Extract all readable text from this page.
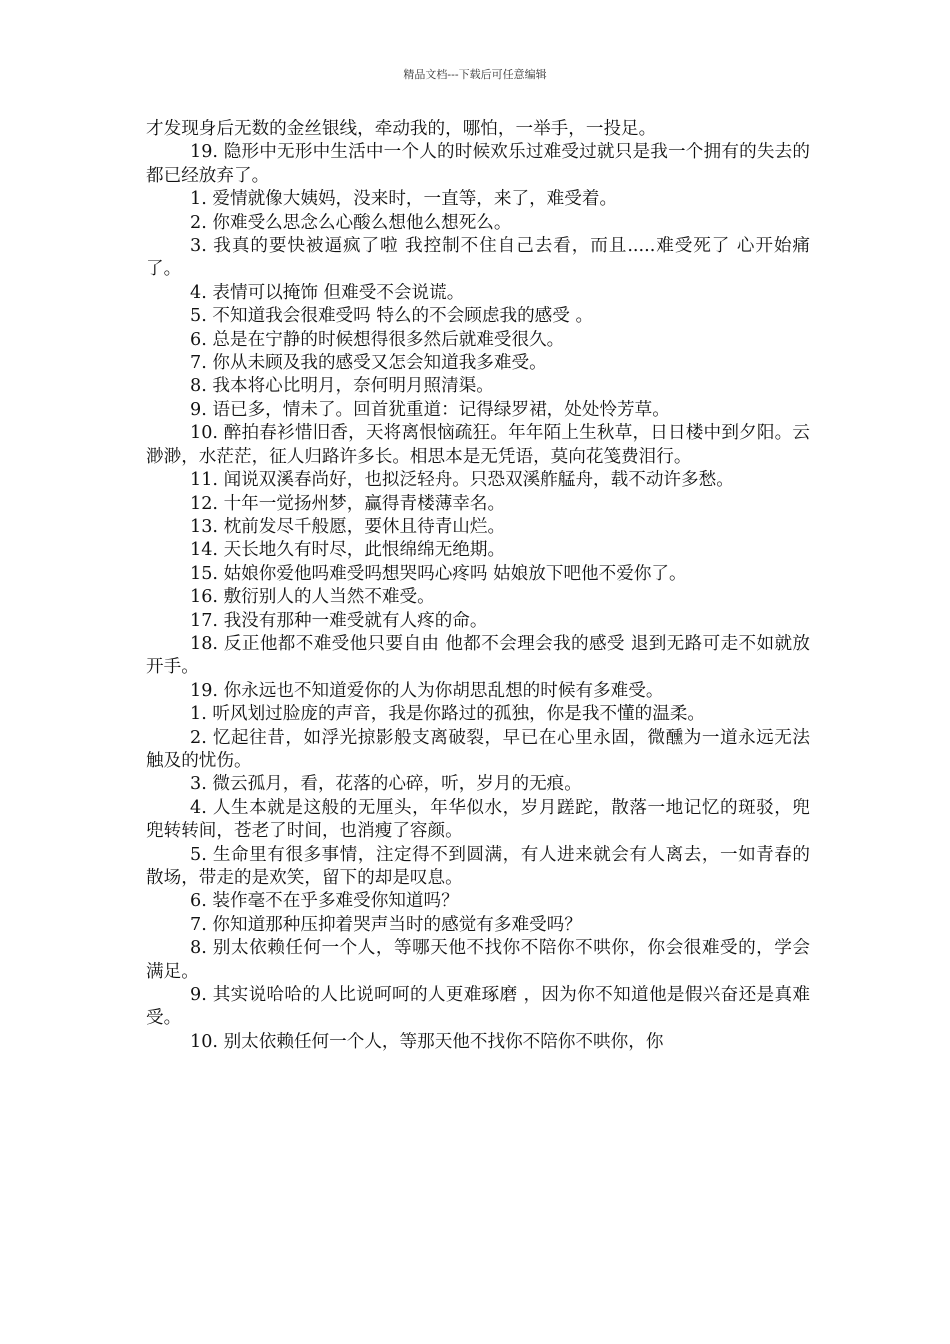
精品文档---下载后可任意编辑

才发现身后无数的金丝银线，牵动我的，哪怕，一举手，一投足。

19. 隐形中无形中生活中一个人的时候欢乐过难受过就只是我一个拥有的失去的都已经放弃了。

1. 爱情就像大姨妈，没来时，一直等，来了，难受着。

2. 你难受么思念么心酸么想他么想死么。

3. 我真的要快被逼疯了啦 我控制不住自己去看，而且.....难受死了 心开始痛了。

4. 表情可以掩饰 但难受不会说谎。

5. 不知道我会很难受吗 特么的不会顾虑我的感受 。

6. 总是在宁静的时候想得很多然后就难受很久。

7. 你从未顾及我的感受又怎会知道我多难受。

8. 我本将心比明月，奈何明月照清渠。

9. 语已多，情未了。回首犹重道：记得绿罗裙，处处怜芳草。

10. 醉拍春衫惜旧香，天将离恨恼疏狂。年年陌上生秋草，日日楼中到夕阳。云渺渺，水茫茫，征人归路许多长。相思本是无凭语，莫向花笺费泪行。

11. 闻说双溪春尚好，也拟泛轻舟。只恐双溪舴艋舟，载不动许多愁。

12. 十年一觉扬州梦，赢得青楼薄幸名。

13. 枕前发尽千般愿，要休且待青山烂。

14. 天长地久有时尽，此恨绵绵无绝期。

15. 姑娘你爱他吗难受吗想哭吗心疼吗 姑娘放下吧他不爱你了。

16. 敷衍别人的人当然不难受。

17. 我没有那种一难受就有人疼的命。

18. 反正他都不难受他只要自由 他都不会理会我的感受 退到无路可走不如就放开手。

19. 你永远也不知道爱你的人为你胡思乱想的时候有多难受。

1. 听风划过脸庞的声音，我是你路过的孤独，你是我不懂的温柔。

2. 忆起往昔，如浮光掠影般支离破裂，早已在心里永固，微醺为一道永远无法触及的忧伤。

3. 微云孤月，看，花落的心碎，听，岁月的无痕。

4. 人生本就是这般的无厘头，年华似水，岁月蹉跎，散落一地记忆的斑驳，兜兜转转间，苍老了时间，也消瘦了容颜。

5. 生命里有很多事情，注定得不到圆满，有人进来就会有人离去，一如青春的散场，带走的是欢笑，留下的却是叹息。

6. 装作毫不在乎多难受你知道吗？

7. 你知道那种压抑着哭声当时的感觉有多难受吗？

8. 别太依赖任何一个人，等哪天他不找你不陪你不哄你，你会很难受的，学会满足。

9. 其实说哈哈的人比说呵呵的人更难琢磨 ，因为你不知道他是假兴奋还是真难受。

10. 别太依赖任何一个人，等那天他不找你不陪你不哄你，你
